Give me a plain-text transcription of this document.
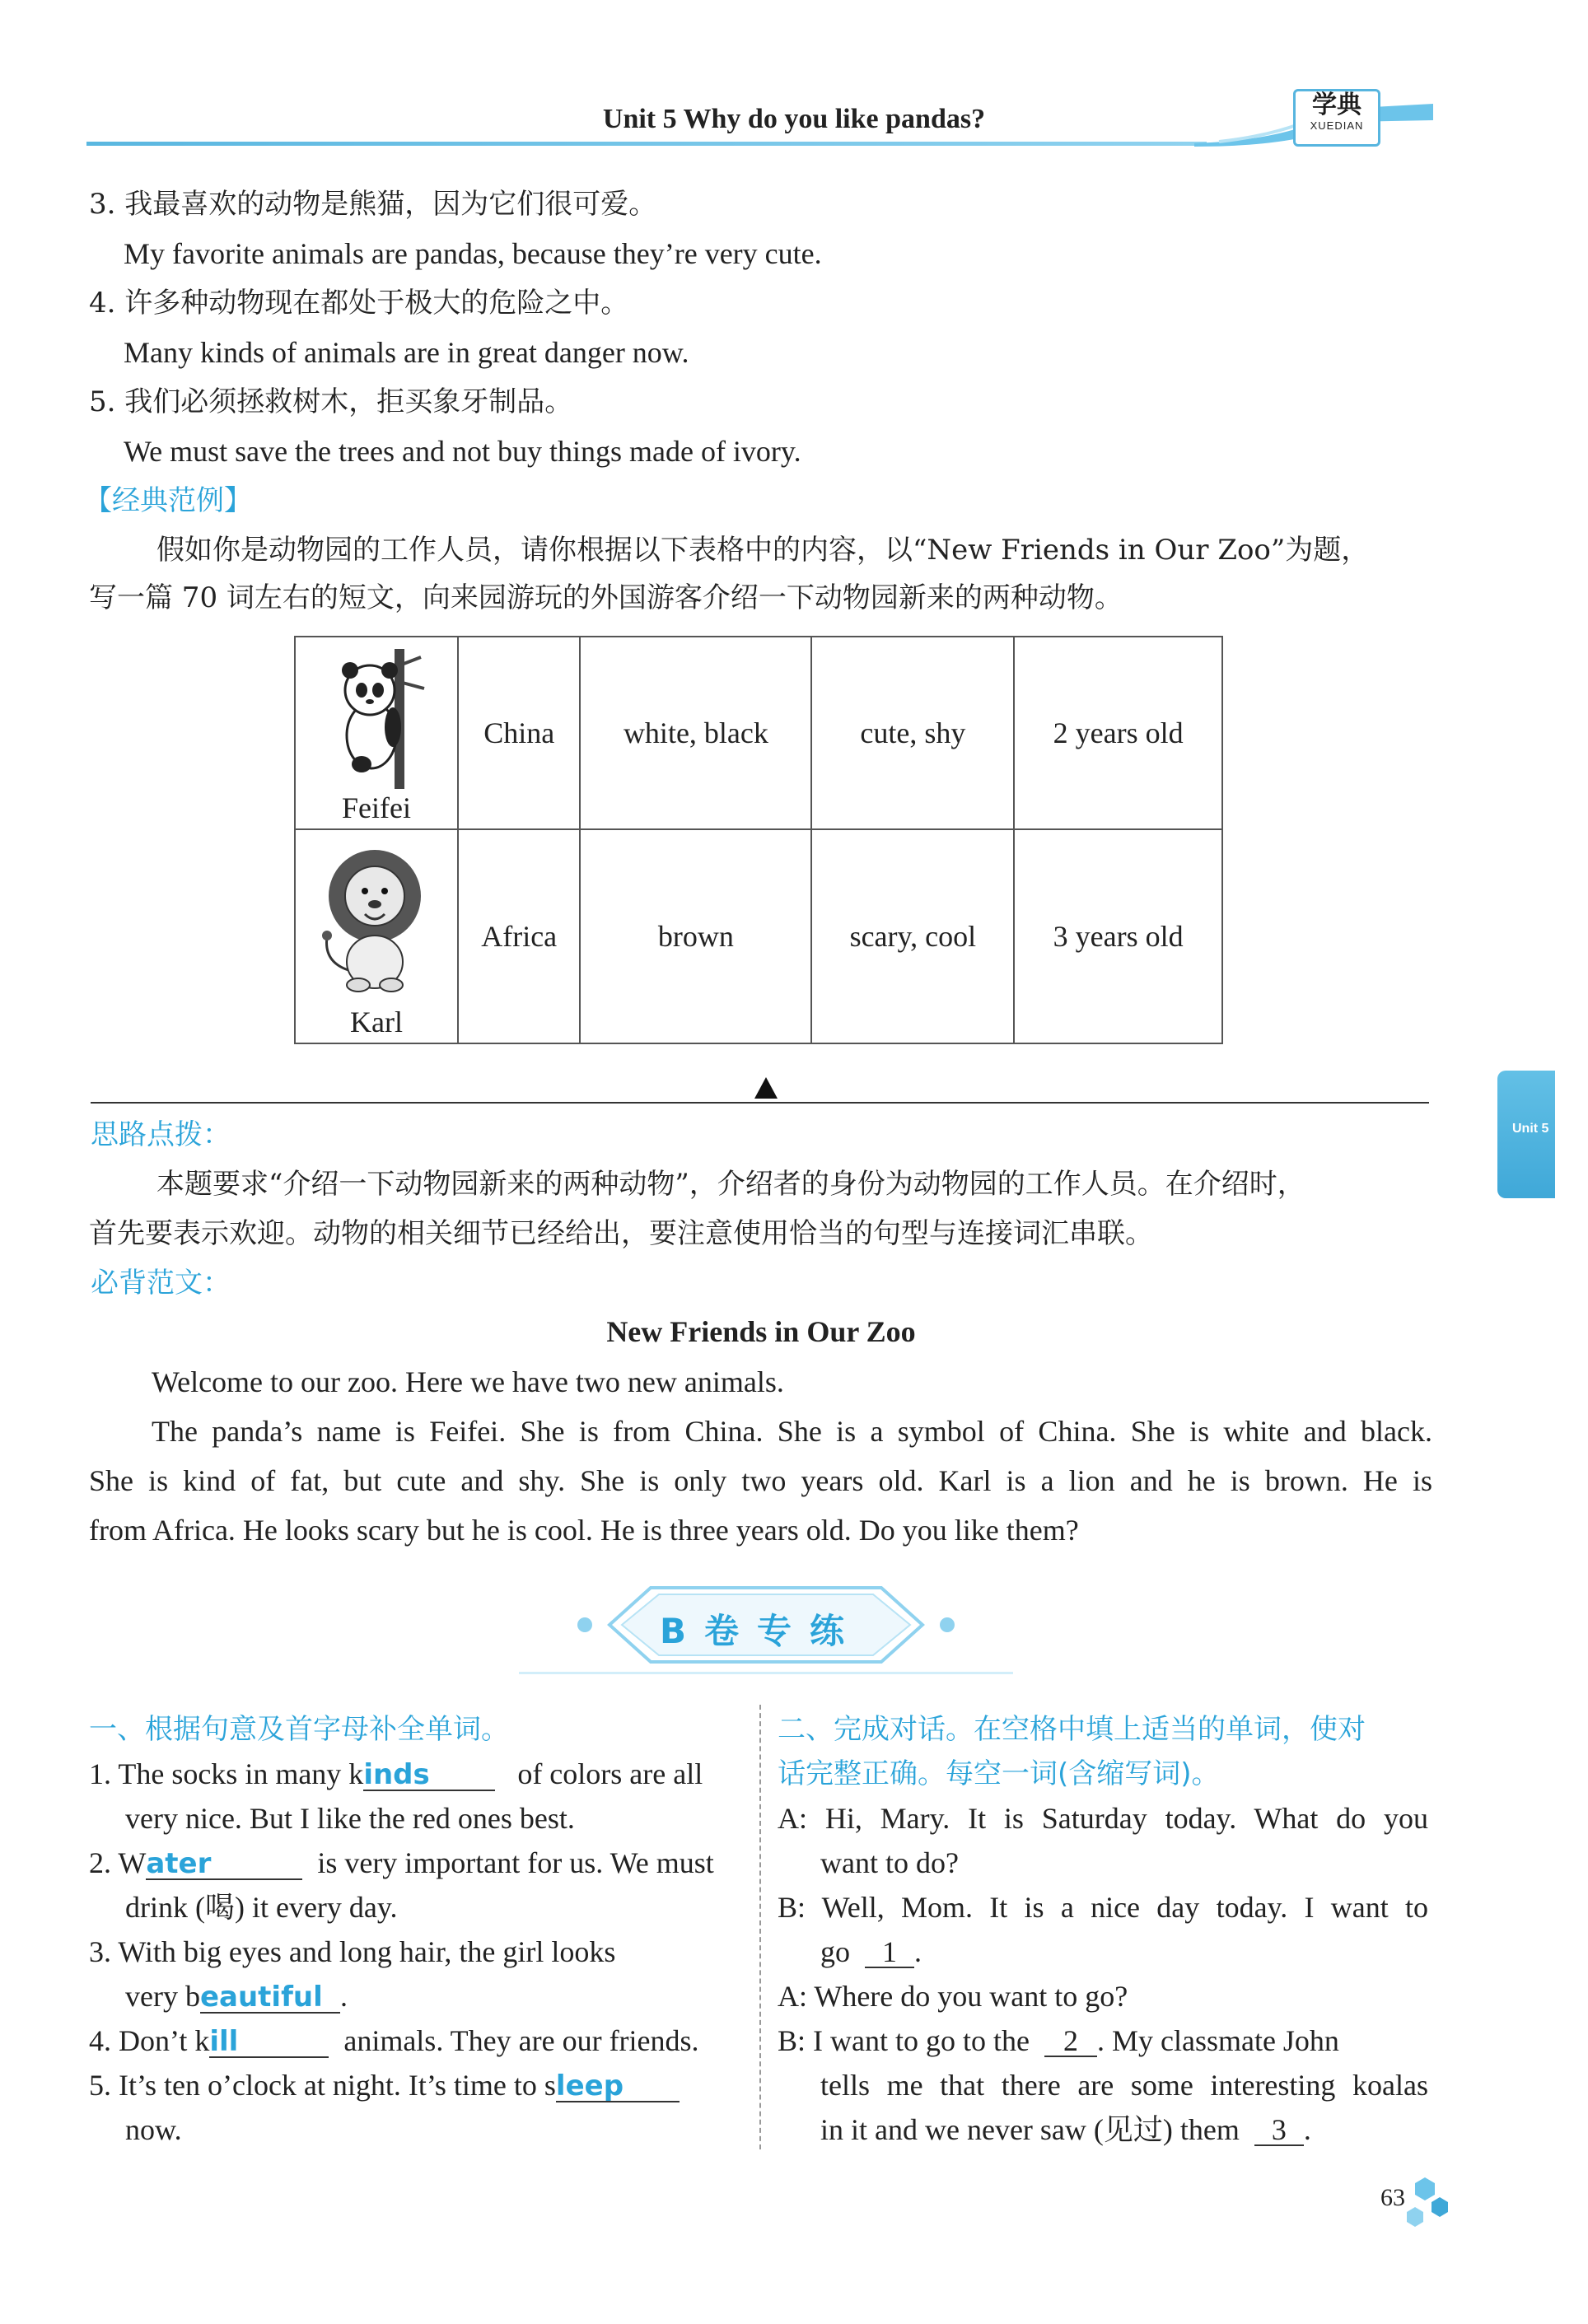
Unit 5 Why do you like pandas?	学典
XUEDIAN
Unit 5
3. 我最喜欢的动物是熊猫，因为它们很可爱。
My favorite animals are pandas, because they’re very cute.
4. 许多种动物现在都处于极大的危险之中。
Many kinds of animals are in great danger now.
5. 我们必须拯救树木，拒买象牙制品。
We must save the trees and not buy things made of ivory.
【经典范例】
假如你是动物园的工作人员，请你根据以下表格中的内容，以“New Friends in Our Zoo”为题，
写一篇 70 词左右的短文，向来园游玩的外国游客介绍一下动物园新来的两种动物。
Feifei	China	white, black	cute, shy	2 years old

Karl	Africa	brown	scary, cool	3 years old
思路点拨：
本题要求“介绍一下动物园新来的两种动物”，介绍者的身份为动物园的工作人员。在介绍时，
首先要表示欢迎。动物的相关细节已经给出，要注意使用恰当的句型与连接词汇串联。
必背范文：
New Friends in Our Zoo
Welcome to our zoo. Here we have two new animals.
The panda’s name is Feifei. She is from China. She is a symbol of China. She is white and black.
She is kind of fat, but cute and shy. She is only two years old. Karl is a lion and he is brown. He is
from Africa. He looks scary but he is cool. He is three years old. Do you like them?
B卷专练
一、根据句意及首字母补全单词。
1. The socks in many kinds	of colors are all
very nice. But I like the red ones best.
2. Water	is very important for us. We must
drink (喝) it every day.
3. With big eyes and long hair, the girl looks
very beautiful .
4. Don’t kill	animals. They are our friends.
5. It’s ten o’clock at night. It’s time to sleep
now.
二、完成对话。在空格中填上适当的单词，使对
话完整正确。每空一词(含缩写词)。
A: Hi, Mary. It is Saturday today. What do you
want to do?
B: Well, Mom. It is a nice day today. I want to
go 1 .
A: Where do you want to go?
B: I want to go to the 2 . My classmate John
tells me that there are some interesting koalas
in it and we never saw (见过) them 3 .
63
